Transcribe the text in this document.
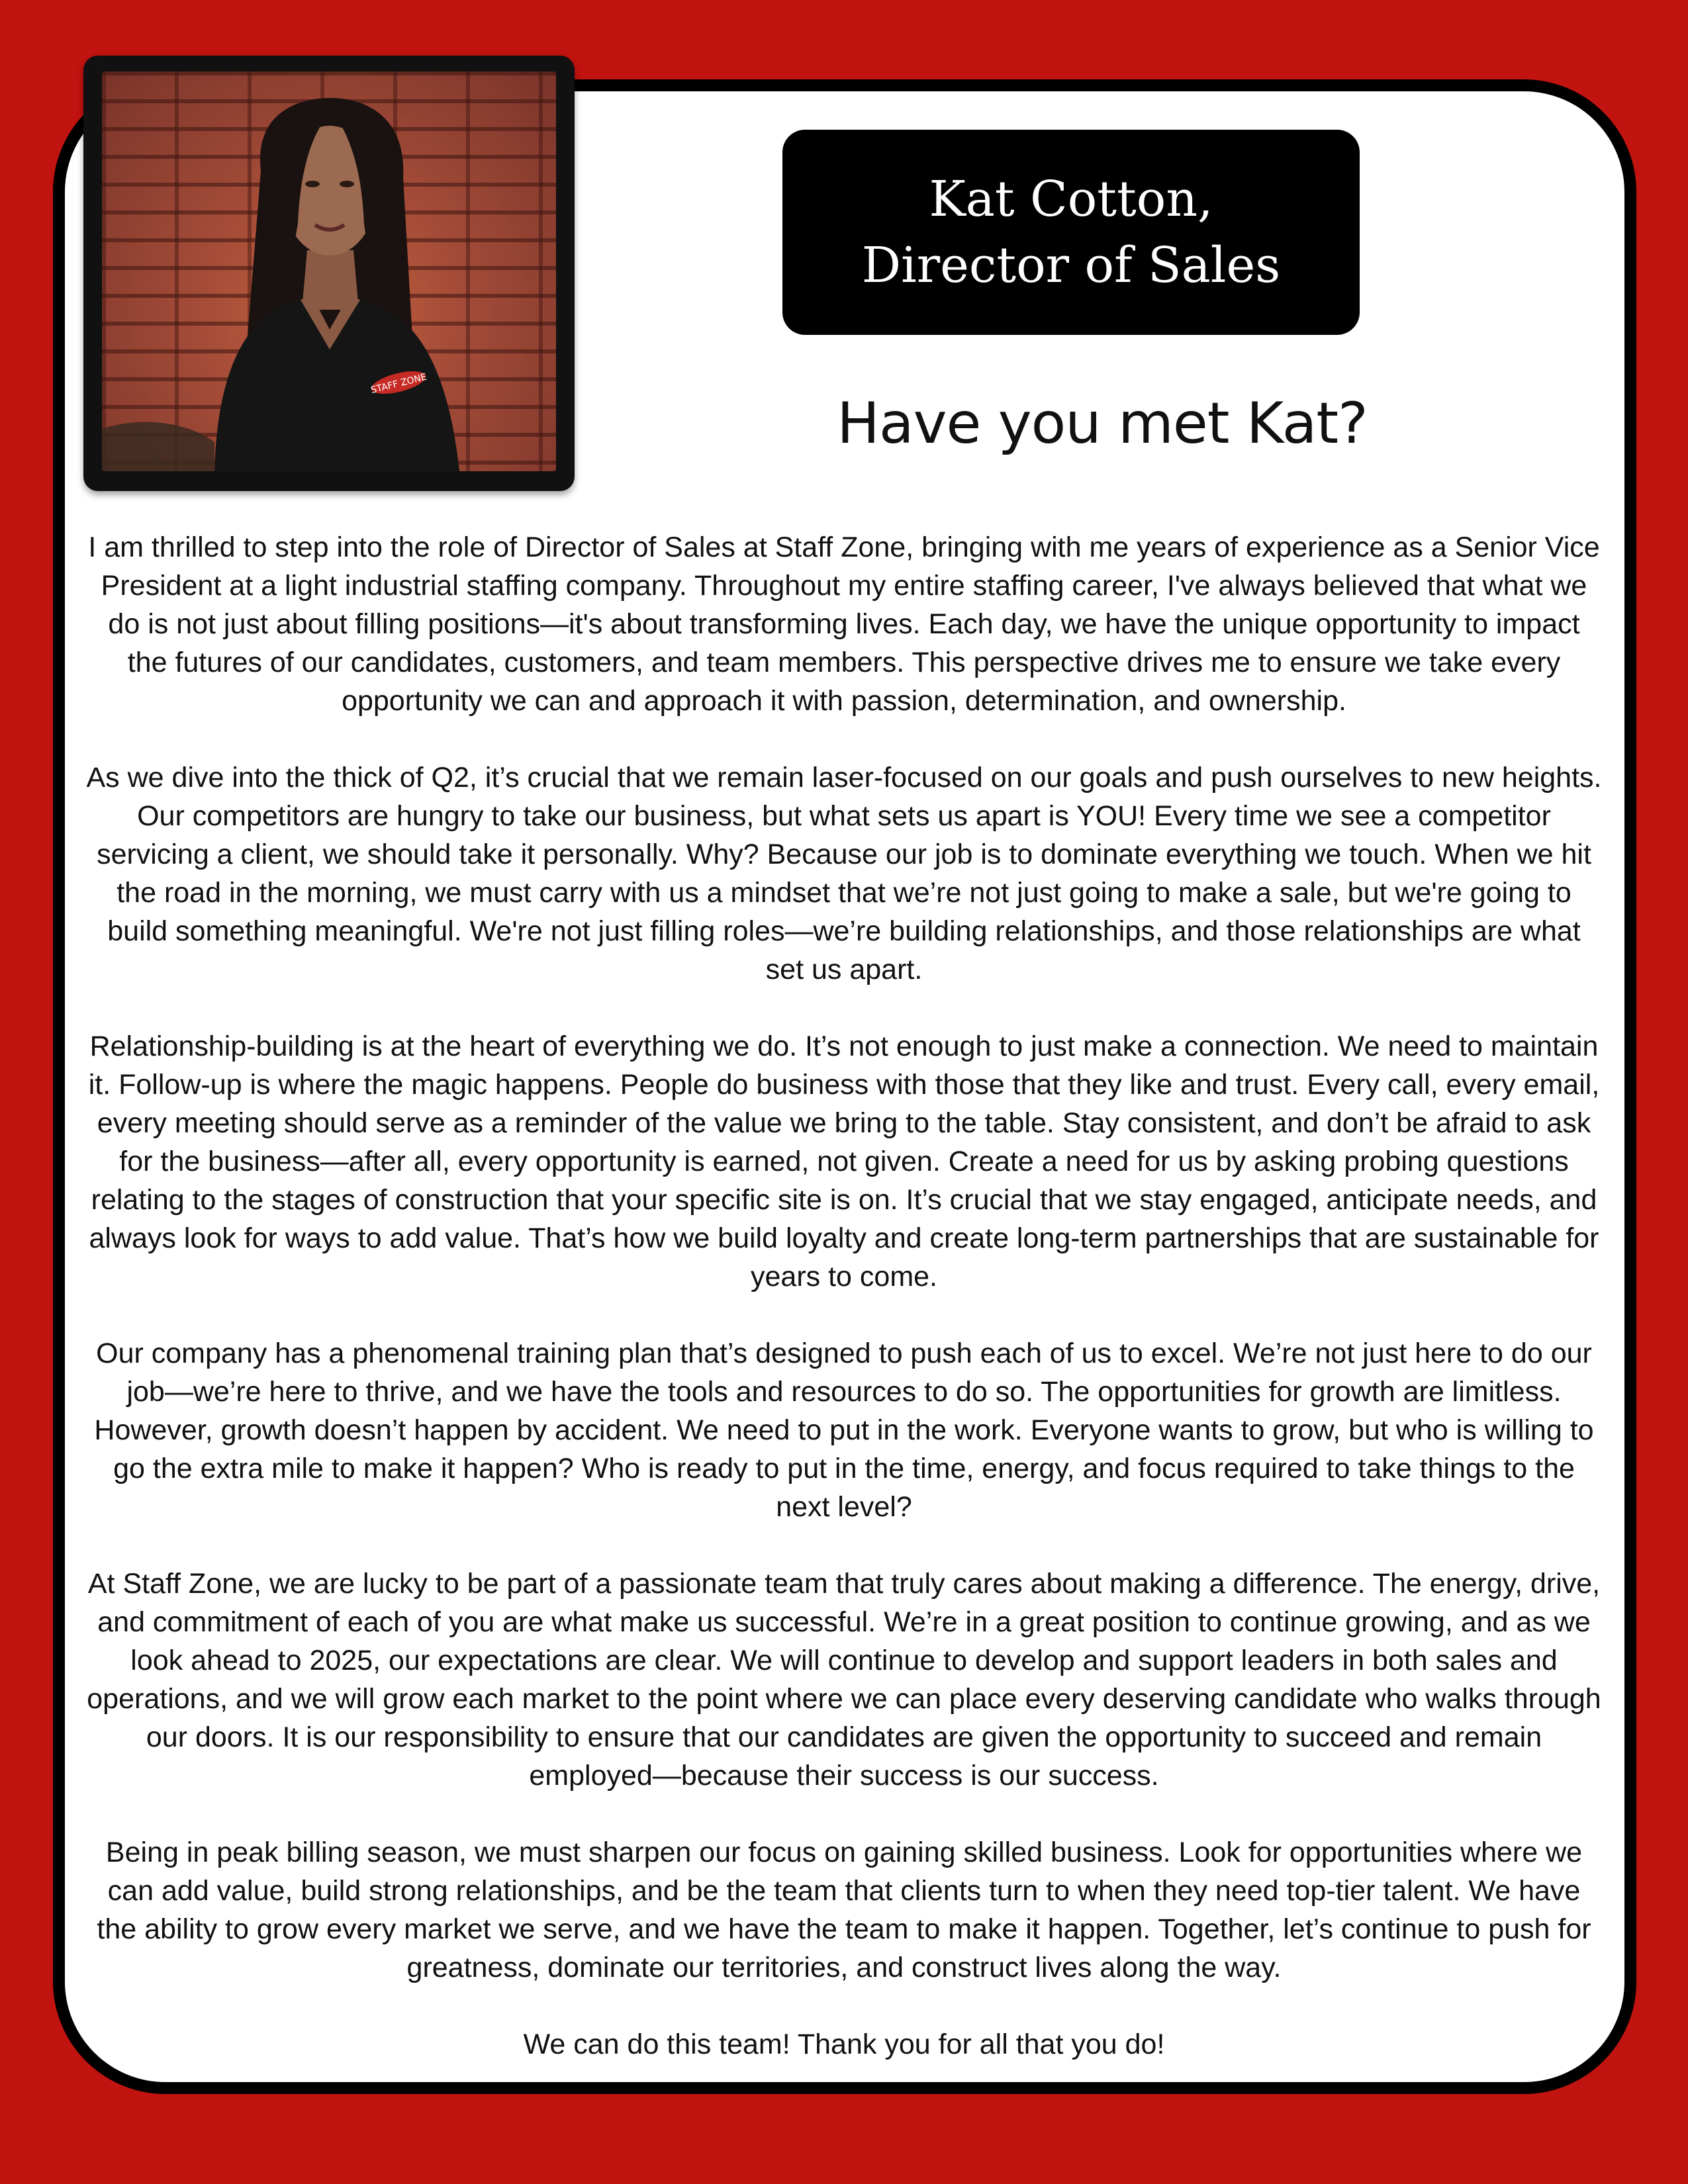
STAFF ZONE
Kat Cotton,
Director of Sales
Have you met Kat?

I am thrilled to step into the role of Director of Sales at Staff Zone, bringing with me years of experience as a Senior Vice President at a light industrial staffing company. Throughout my entire staffing career, I've always believed that what we do is not just about filling positions—it's about transforming lives. Each day, we have the unique opportunity to impact the futures of our candidates, customers, and team members. This perspective drives me to ensure we take every opportunity we can and approach it with passion, determination, and ownership.

As we dive into the thick of Q2, it’s crucial that we remain laser-focused on our goals and push ourselves to new heights. Our competitors are hungry to take our business, but what sets us apart is YOU! Every time we see a competitor servicing a client, we should take it personally. Why? Because our job is to dominate everything we touch. When we hit the road in the morning, we must carry with us a mindset that we’re not just going to make a sale, but we're going to build something meaningful. We're not just filling roles—we’re building relationships, and those relationships are what set us apart.

Relationship-building is at the heart of everything we do. It’s not enough to just make a connection. We need to maintain it. Follow-up is where the magic happens. People do business with those that they like and trust. Every call, every email, every meeting should serve as a reminder of the value we bring to the table. Stay consistent, and don’t be afraid to ask for the business—after all, every opportunity is earned, not given. Create a need for us by asking probing questions relating to the stages of construction that your specific site is on. It’s crucial that we stay engaged, anticipate needs, and always look for ways to add value. That’s how we build loyalty and create long-term partnerships that are sustainable for years to come.

Our company has a phenomenal training plan that’s designed to push each of us to excel. We’re not just here to do our job—we’re here to thrive, and we have the tools and resources to do so. The opportunities for growth are limitless. However, growth doesn’t happen by accident. We need to put in the work. Everyone wants to grow, but who is willing to go the extra mile to make it happen? Who is ready to put in the time, energy, and focus required to take things to the next level?

At Staff Zone, we are lucky to be part of a passionate team that truly cares about making a difference. The energy, drive, and commitment of each of you are what make us successful. We’re in a great position to continue growing, and as we look ahead to 2025, our expectations are clear. We will continue to develop and support leaders in both sales and operations, and we will grow each market to the point where we can place every deserving candidate who walks through our doors. It is our responsibility to ensure that our candidates are given the opportunity to succeed and remain employed—because their success is our success.

Being in peak billing season, we must sharpen our focus on gaining skilled business. Look for opportunities where we can add value, build strong relationships, and be the team that clients turn to when they need top-tier talent. We have the ability to grow every market we serve, and we have the team to make it happen. Together, let’s continue to push for greatness, dominate our territories, and construct lives along the way.

We can do this team! Thank you for all that you do!
